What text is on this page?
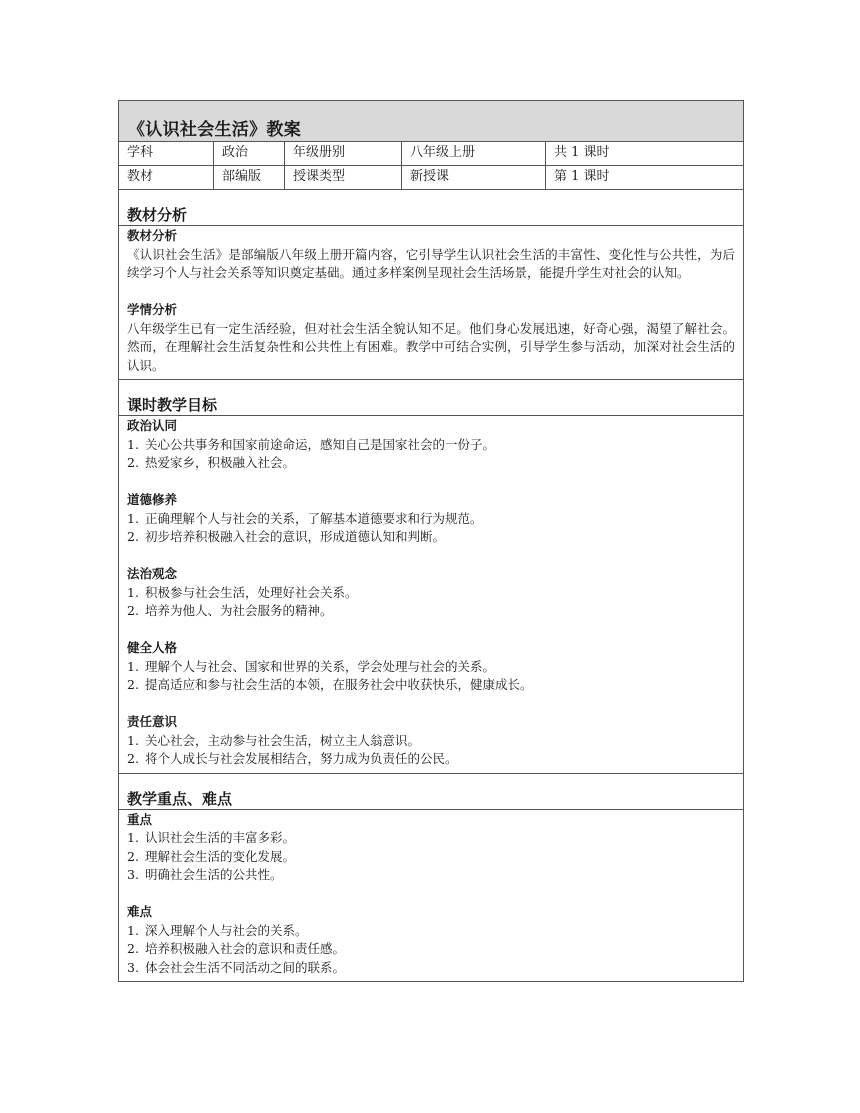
《认识社会生活》教案
学科	政治	年级册别	八年级上册	共 1 课时
教材	部编版	授课类型	新授课	第 1 课时
教材分析
教材分析
《认识社会生活》是部编版八年级上册开篇内容，它引导学生认识社会生活的丰富性、变化性与公共性，为后续学习个人与社会关系等知识奠定基础。通过多样案例呈现社会生活场景，能提升学生对社会的认知。
学情分析
八年级学生已有一定生活经验，但对社会生活全貌认知不足。他们身心发展迅速，好奇心强，渴望了解社会。然而，在理解社会生活复杂性和公共性上有困难。教学中可结合实例，引导学生参与活动，加深对社会生活的认识。
课时教学目标
政治认同
1. 关心公共事务和国家前途命运，感知自己是国家社会的一份子。
2. 热爱家乡，积极融入社会。
道德修养
1. 正确理解个人与社会的关系，了解基本道德要求和行为规范。
2. 初步培养积极融入社会的意识，形成道德认知和判断。
法治观念
1. 积极参与社会生活，处理好社会关系。
2. 培养为他人、为社会服务的精神。
健全人格
1. 理解个人与社会、国家和世界的关系，学会处理与社会的关系。
2. 提高适应和参与社会生活的本领，在服务社会中收获快乐，健康成长。
责任意识
1. 关心社会，主动参与社会生活，树立主人翁意识。
2. 将个人成长与社会发展相结合，努力成为负责任的公民。
教学重点、难点
重点
1. 认识社会生活的丰富多彩。
2. 理解社会生活的变化发展。
3. 明确社会生活的公共性。
难点
1. 深入理解个人与社会的关系。
2. 培养积极融入社会的意识和责任感。
3. 体会社会生活不同活动之间的联系。
